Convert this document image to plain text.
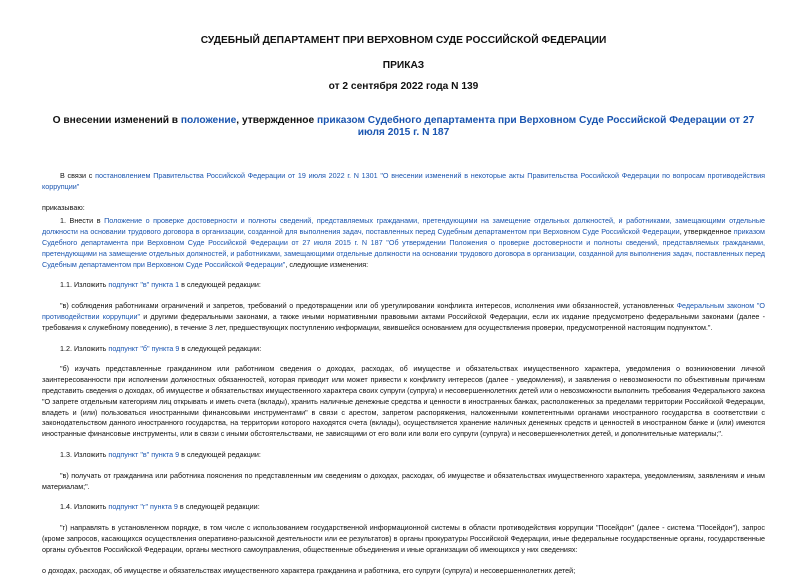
СУДЕБНЫЙ ДЕПАРТАМЕНТ ПРИ ВЕРХОВНОМ СУДЕ РОССИЙСКОЙ ФЕДЕРАЦИИ
ПРИКАЗ
от 2 сентября 2022 года N 139
О внесении изменений в положение, утвержденное приказом Судебного департамента при Верховном Суде Российской Федерации от 27 июля 2015 г. N 187

В связи с постановлением Правительства Российской Федерации от 19 июля 2022 г. N 1301 "О внесении изменений в некоторые акты Правительства Российской Федерации по вопросам противодействия коррупции"

приказываю:

1. Внести в Положение о проверке достоверности и полноты сведений, представляемых гражданами, претендующими на замещение отдельных должностей, и работниками, замещающими отдельные должности на основании трудового договора в организации, созданной для выполнения задач, поставленных перед Судебным департаментом при Верховном Суде Российской Федерации, утвержденное приказом Судебного департамента при Верховном Суде Российской Федерации от 27 июля 2015 г. N 187 "Об утверждении Положения о проверке достоверности и полноты сведений, представляемых гражданами, претендующими на замещение отдельных должностей, и работниками, замещающими отдельные должности на основании трудового договора в организации, созданной для выполнения задач, поставленных перед Судебным департаментом при Верховном Суде Российской Федерации", следующие изменения:

1.1. Изложить подпункт "в" пункта 1 в следующей редакции:

"в) соблюдения работниками ограничений и запретов, требований о предотвращении или об урегулировании конфликта интересов, исполнения ими обязанностей, установленных Федеральным законом "О противодействии коррупции" и другими федеральными законами, а также иными нормативными правовыми актами Российской Федерации, если их издание предусмотрено федеральными законами (далее - требования к служебному поведению), в течение 3 лет, предшествующих поступлению информации, явившейся основанием для осуществления проверки, предусмотренной настоящим подпунктом.".

1.2. Изложить подпункт "б" пункта 9 в следующей редакции:

"б) изучать представленные гражданином или работником сведения о доходах, расходах, об имуществе и обязательствах имущественного характера, уведомления о возникновении личной заинтересованности при исполнении должностных обязанностей, которая приводит или может привести к конфликту интересов (далее - уведомления), и заявления о невозможности по объективным причинам представить сведения о доходах, об имуществе и обязательствах имущественного характера своих супруги (супруга) и несовершеннолетних детей или о невозможности выполнить требования Федерального закона "О запрете отдельным категориям лиц открывать и иметь счета (вклады), хранить наличные денежные средства и ценности в иностранных банках, расположенных за пределами территории Российской Федерации, владеть и (или) пользоваться иностранными финансовыми инструментами" в связи с арестом, запретом распоряжения, наложенными компетентными органами иностранного государства в соответствии с законодательством данного иностранного государства, на территории которого находятся счета (вклады), осуществляется хранение наличных денежных средств и ценностей в иностранном банке и (или) имеются иностранные финансовые инструменты, или в связи с иными обстоятельствами, не зависящими от его воли или воли его супруги (супруга) и несовершеннолетних детей, и дополнительные материалы;".

1.3. Изложить подпункт "в" пункта 9 в следующей редакции:

"в) получать от гражданина или работника пояснения по представленным им сведениям о доходах, расходах, об имуществе и обязательствах имущественного характера, уведомлениям, заявлениям и иным материалам;".

1.4. Изложить подпункт "г" пункта 9 в следующей редакции:

"г) направлять в установленном порядке, в том числе с использованием государственной информационной системы в области противодействия коррупции "Посейдон" (далее - система "Посейдон"), запрос (кроме запросов, касающихся осуществления оперативно-разыскной деятельности или ее результатов) в органы прокуратуры Российской Федерации, иные федеральные государственные органы, государственные органы субъектов Российской Федерации, органы местного самоуправления, общественные объединения и иные организации об имеющихся у них сведениях:

о доходах, расходах, об имуществе и обязательствах имущественного характера гражданина и работника, его супруги (супруга) и несовершеннолетних детей;
